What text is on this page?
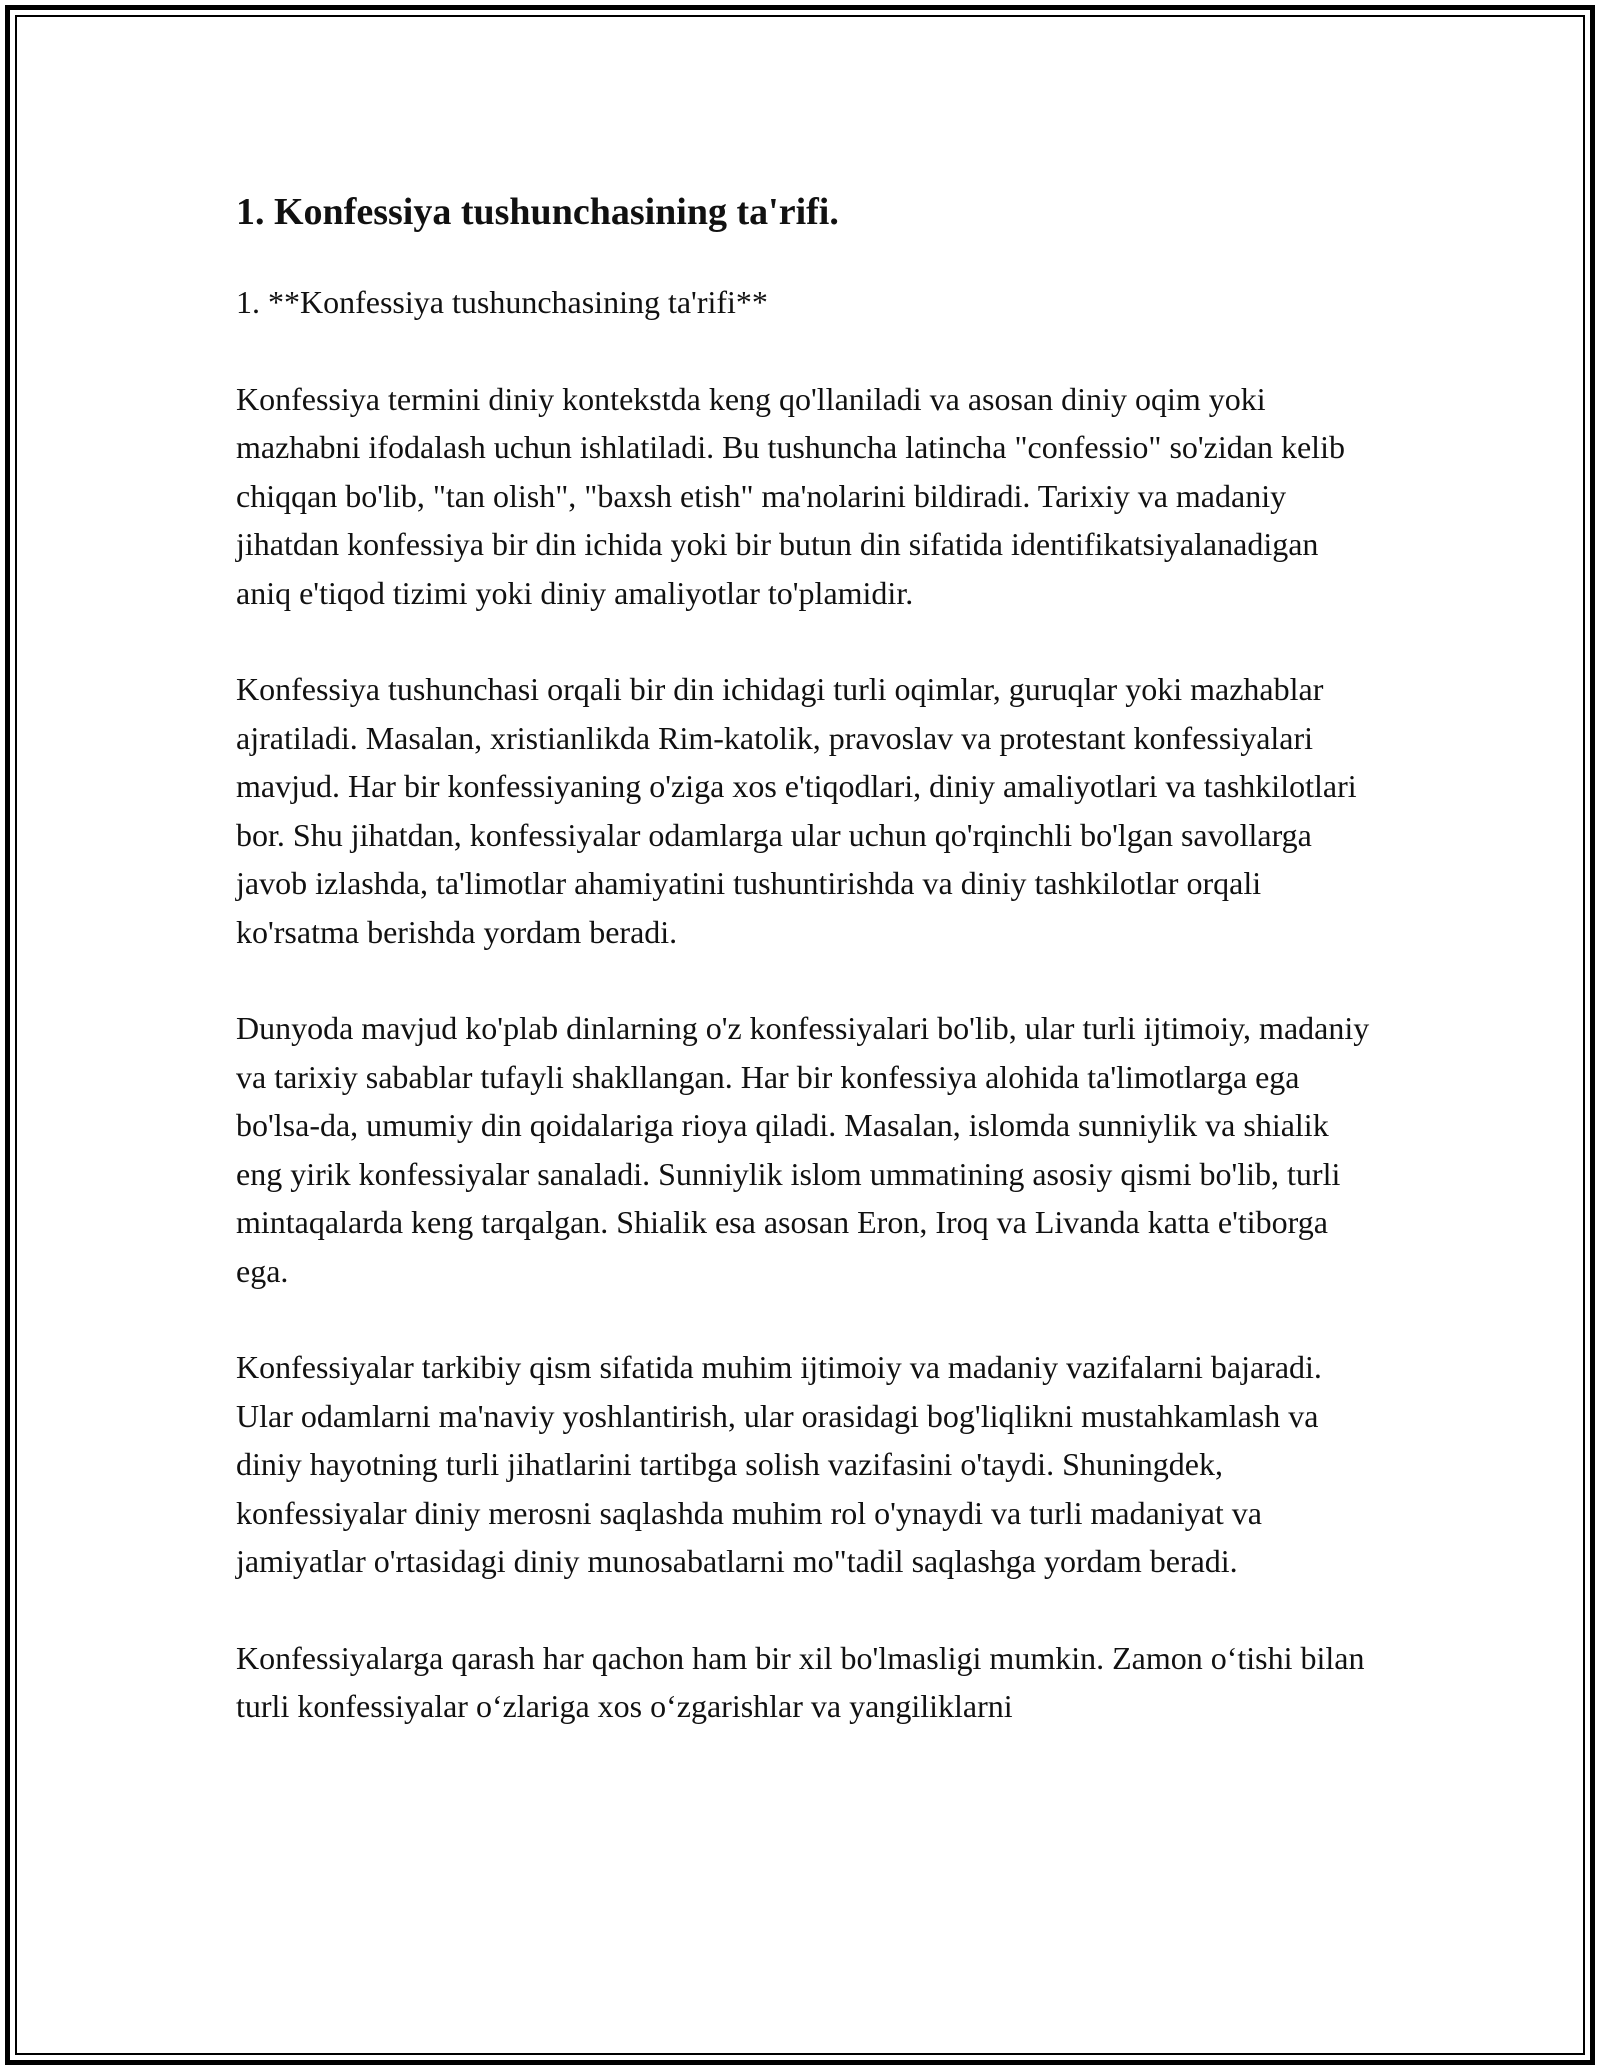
1. Konfessiya tushunchasining ta'rifi.

1. **Konfessiya tushunchasining ta'rifi**

Konfessiya termini diniy kontekstda keng qo'llaniladi va asosan diniy oqim yoki mazhabni ifodalash uchun ishlatiladi. Bu tushuncha latincha "confessio" so'zidan kelib chiqqan bo'lib, "tan olish", "baxsh etish" ma'nolarini bildiradi. Tarixiy va madaniy jihatdan konfessiya bir din ichida yoki bir butun din sifatida identifikatsiyalanadigan aniq e'tiqod tizimi yoki diniy amaliyotlar to'plamidir.

Konfessiya tushunchasi orqali bir din ichidagi turli oqimlar, guruqlar yoki mazhablar ajratiladi. Masalan, xristianlikda Rim-katolik, pravoslav va protestant konfessiyalari mavjud. Har bir konfessiyaning o'ziga xos e'tiqodlari, diniy amaliyotlari va tashkilotlari bor. Shu jihatdan, konfessiyalar odamlarga ular uchun qo'rqinchli bo'lgan savollarga javob izlashda, ta'limotlar ahamiyatini tushuntirishda va diniy tashkilotlar orqali ko'rsatma berishda yordam beradi.

Dunyoda mavjud ko'plab dinlarning o'z konfessiyalari bo'lib, ular turli ijtimoiy, madaniy va tarixiy sabablar tufayli shakllangan. Har bir konfessiya alohida ta'limotlarga ega bo'lsa-da, umumiy din qoidalariga rioya qiladi. Masalan, islomda sunniylik va shialik eng yirik konfessiyalar sanaladi. Sunniylik islom ummatining asosiy qismi bo'lib, turli mintaqalarda keng tarqalgan. Shialik esa asosan Eron, Iroq va Livanda katta e'tiborga ega.

Konfessiyalar tarkibiy qism sifatida muhim ijtimoiy va madaniy vazifalarni bajaradi. Ular odamlarni ma'naviy yoshlantirish, ular orasidagi bog'liqlikni mustahkamlash va diniy hayotning turli jihatlarini tartibga solish vazifasini o'taydi. Shuningdek, konfessiyalar diniy merosni saqlashda muhim rol o'ynaydi va turli madaniyat va jamiyatlar o'rtasidagi diniy munosabatlarni mo"tadil saqlashga yordam beradi.

Konfessiyalarga qarash har qachon ham bir xil bo'lmasligi mumkin. Zamon o‘tishi bilan turli konfessiyalar o‘zlariga xos o‘zgarishlar va yangiliklarni
